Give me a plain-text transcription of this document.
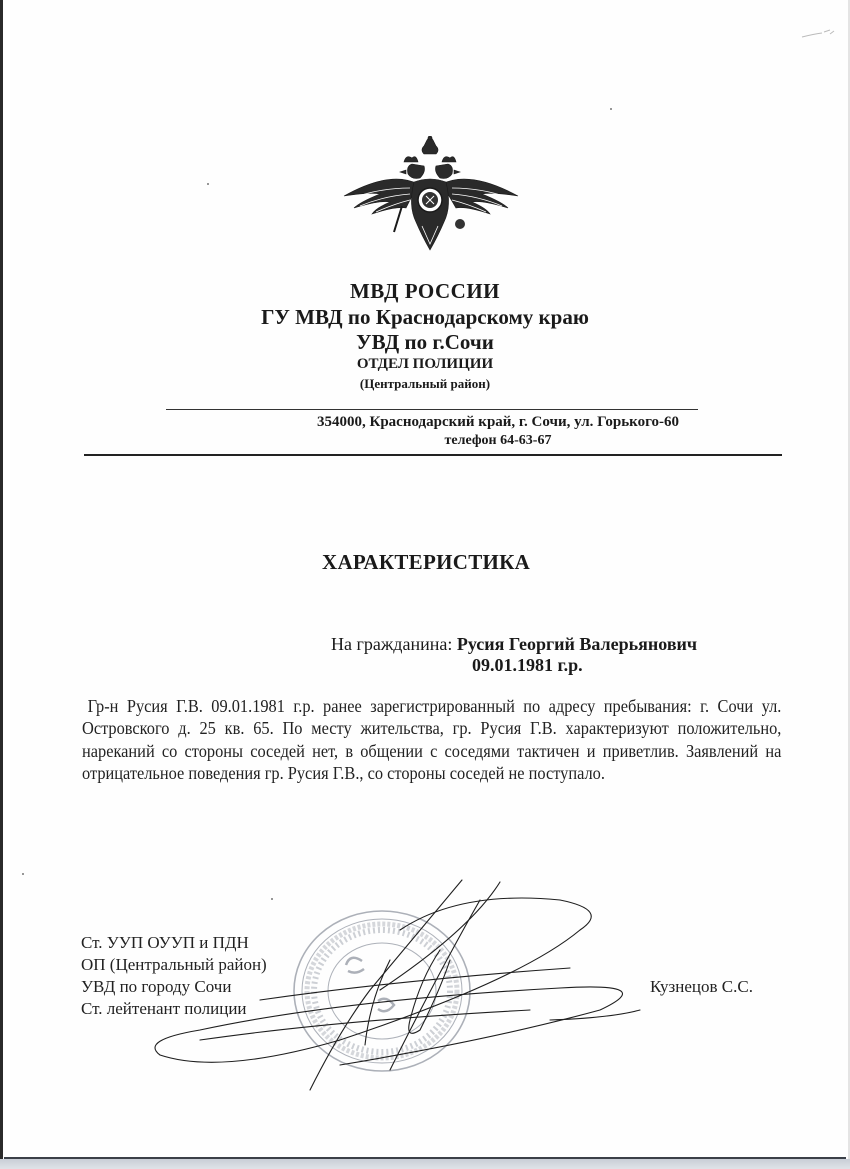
МВД РОССИИ
ГУ МВД по Краснодарскому краю
УВД по г.Сочи
ОТДЕЛ ПОЛИЦИИ
(Центральный район)
354000, Краснодарский край, г. Сочи, ул. Горького-60
телефон 64-63-67
ХАРАКТЕРИСТИКА
На гражданина: Русия Георгий Валерьянович
09.01.1981 г.р.
Гр-н Русия Г.В. 09.01.1981 г.р. ранее зарегистрированный по адресу пребывания: г. Сочи ул. Островского д. 25 кв. 65. По месту жительства, гр. Русия Г.В. характеризуют положительно, нареканий со стороны соседей нет, в общении с соседями тактичен и приветлив. Заявлений на отрицательное поведения гр. Русия Г.В., со стороны соседей не поступало.
Ст. УУП ОУУП и ПДН
ОП (Центральный район)
УВД по городу Сочи
Ст. лейтенант полиции
Кузнецов С.С.
